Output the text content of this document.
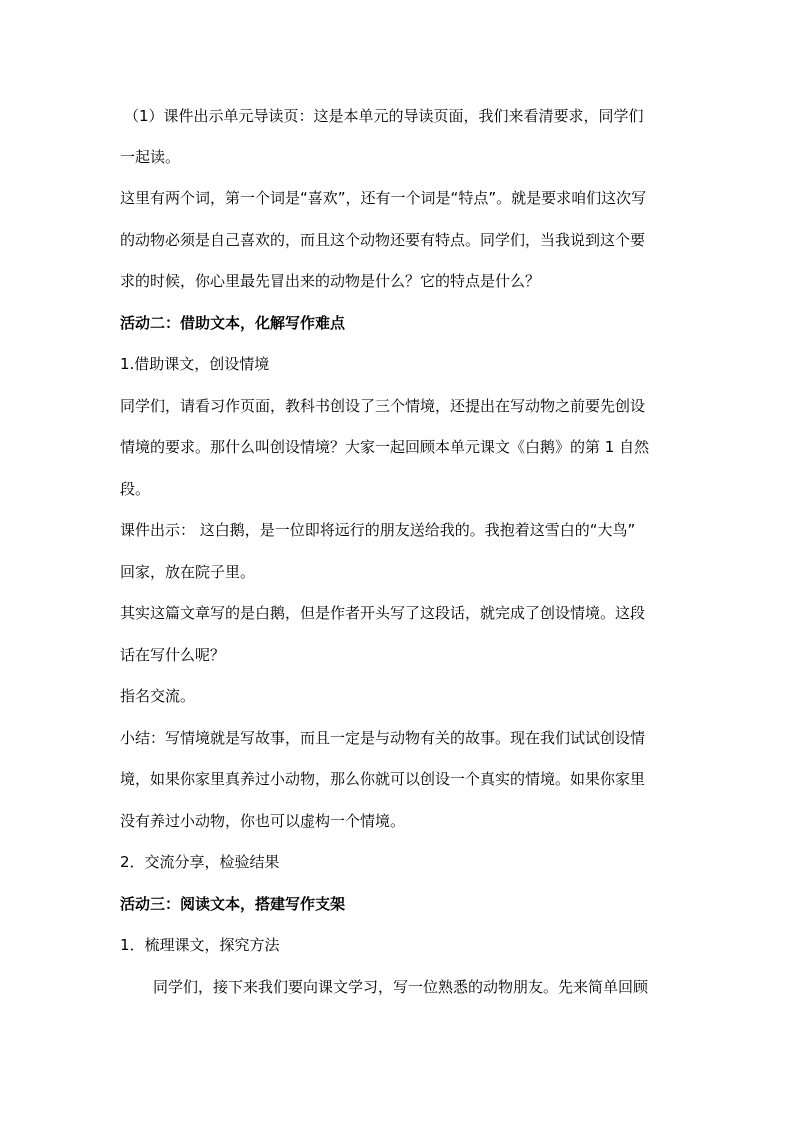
（1）课件出示单元导读页：这是本单元的导读页面，我们来看清要求，同学们
一起读。
这里有两个词，第一个词是“喜欢”，还有一个词是“特点”。就是要求咱们这次写
的动物必须是自己喜欢的，而且这个动物还要有特点。同学们，当我说到这个要
求的时候，你心里最先冒出来的动物是什么？它的特点是什么？
活动二：借助文本，化解写作难点
1.借助课文，创设情境
同学们，请看习作页面，教科书创设了三个情境，还提出在写动物之前要先创设
情境的要求。那什么叫创设情境？大家一起回顾本单元课文《白鹅》的第 1 自然
段。
课件出示： 这白鹅，是一位即将远行的朋友送给我的。我抱着这雪白的“大鸟”
回家，放在院子里。
其实这篇文章写的是白鹅，但是作者开头写了这段话，就完成了创设情境。这段
话在写什么呢？
指名交流。
小结：写情境就是写故事，而且一定是与动物有关的故事。现在我们试试创设情
境，如果你家里真养过小动物，那么你就可以创设一个真实的情境。如果你家里
没有养过小动物，你也可以虚构一个情境。
2．交流分享，检验结果
活动三：阅读文本，搭建写作支架
1．梳理课文，探究方法
同学们，接下来我们要向课文学习，写一位熟悉的动物朋友。先来简单回顾
